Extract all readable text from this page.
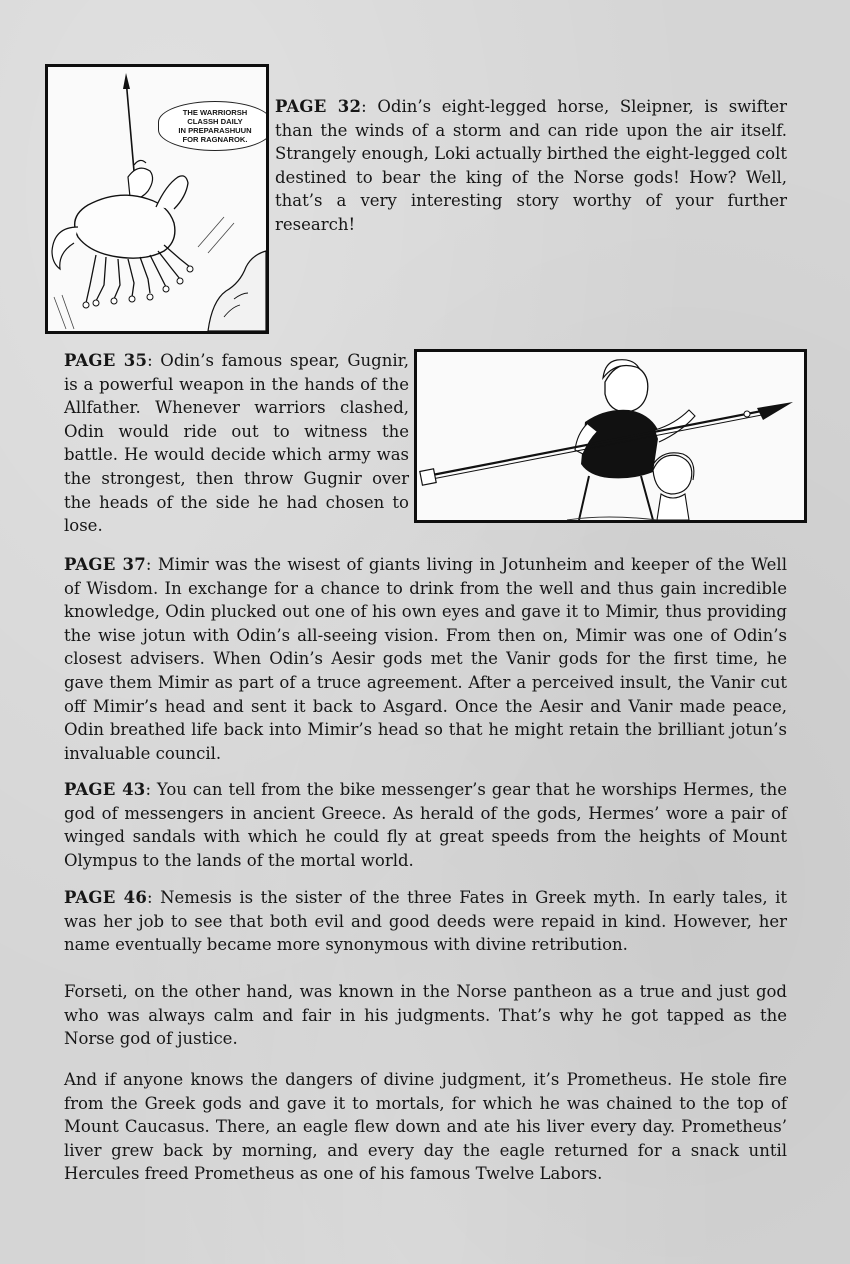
THE WARRIORSH
CLASSH DAILY
IN PREPARASHUUN
FOR RAGNAROK.

PAGE 32: Odin’s eight-legged horse, Sleipner, is swifter than the winds of a storm and can ride upon the air itself. Strangely enough, Loki actually birthed the eight-legged colt destined to bear the king of the Norse gods! How? Well, that’s a very interesting story worthy of your further research!

PAGE 35: Odin’s famous spear, Gugnir, is a powerful weapon in the hands of the Allfather. Whenever warriors clashed, Odin would ride out to witness the battle. He would decide which army was the strongest, then throw Gugnir over the heads of the side he had chosen to lose.

PAGE 37: Mimir was the wisest of giants living in Jotunheim and keeper of the Well of Wisdom. In exchange for a chance to drink from the well and thus gain incredible knowledge, Odin plucked out one of his own eyes and gave it to Mimir, thus providing the wise jotun with Odin’s all-seeing vision. From then on, Mimir was one of Odin’s closest advisers. When Odin’s Aesir gods met the Vanir gods for the first time, he gave them Mimir as part of a truce agreement. After a perceived insult, the Vanir cut off Mimir’s head and sent it back to Asgard. Once the Aesir and Vanir made peace, Odin breathed life back into Mimir’s head so that he might retain the brilliant jotun’s invaluable council.

PAGE 43: You can tell from the bike messenger’s gear that he worships Hermes, the god of messengers in ancient Greece. As herald of the gods, Hermes’ wore a pair of winged sandals with which he could fly at great speeds from the heights of Mount Olympus to the lands of the mortal world.

PAGE 46: Nemesis is the sister of the three Fates in Greek myth. In early tales, it was her job to see that both evil and good deeds were repaid in kind. However, her name eventually became more synonymous with divine retribution.

Forseti, on the other hand, was known in the Norse pantheon as a true and just god who was always calm and fair in his judgments. That’s why he got tapped as the Norse god of justice.

And if anyone knows the dangers of divine judgment, it’s Prometheus. He stole fire from the Greek gods and gave it to mortals, for which he was chained to the top of Mount Caucasus. There, an eagle flew down and ate his liver every day. Prometheus’ liver grew back by morning, and every day the eagle returned for a snack until Hercules freed Prometheus as one of his famous Twelve Labors.
